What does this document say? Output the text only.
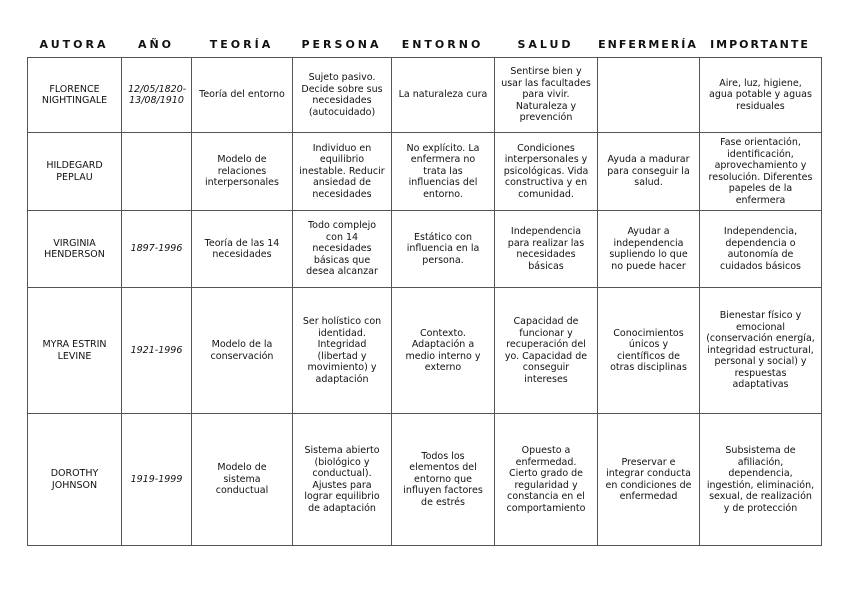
AUTORA	AÑO	TEORÍA	PERSONA	ENTORNO	SALUD	ENFERMERÍA	IMPORTANTE
FLORENCE NIGHTINGALE	12/05/1820-13/08/1910	Teoría del entorno	Sujeto pasivo. Decide sobre sus necesidades (autocuidado)	La naturaleza cura	Sentirse bien y usar las facultades para vivir. Naturaleza y prevención		Aire, luz, higiene, agua potable y aguas residuales
HILDEGARD PEPLAU		Modelo de relaciones interpersonales	Individuo en equilibrio inestable. Reducir ansiedad de necesidades	No explícito. La enfermera no trata las influencias del entorno.	Condiciones interpersonales y psicológicas. Vida constructiva y en comunidad.	Ayuda a madurar para conseguir la salud.	Fase orientación, identificación, aprovechamiento y resolución. Diferentes papeles de la enfermera
VIRGINIA HENDERSON	1897-1996	Teoría de las 14 necesidades	Todo complejo con 14 necesidades básicas que desea alcanzar	Estático con influencia en la persona.	Independencia para realizar las necesidades básicas	Ayudar a independencia supliendo lo que no puede hacer	Independencia, dependencia o autonomía de cuidados básicos
MYRA ESTRIN LEVINE	1921-1996	Modelo de la conservación	Ser holístico con identidad. Integridad (libertad y movimiento) y adaptación	Contexto. Adaptación a medio interno y externo	Capacidad de funcionar y recuperación del yo. Capacidad de conseguir intereses	Conocimientos únicos y científicos de otras disciplinas	Bienestar físico y emocional (conservación energía, integridad estructural, personal y social) y respuestas adaptativas
DOROTHY JOHNSON	1919-1999	Modelo de sistema conductual	Sistema abierto (biológico y conductual). Ajustes para lograr equilibrio de adaptación	Todos los elementos del entorno que influyen factores de estrés	Opuesto a enfermedad. Cierto grado de regularidad y constancia en el comportamiento	Preservar e integrar conducta en condiciones de enfermedad	Subsistema de afiliación, dependencia, ingestión, eliminación, sexual, de realización y de protección
